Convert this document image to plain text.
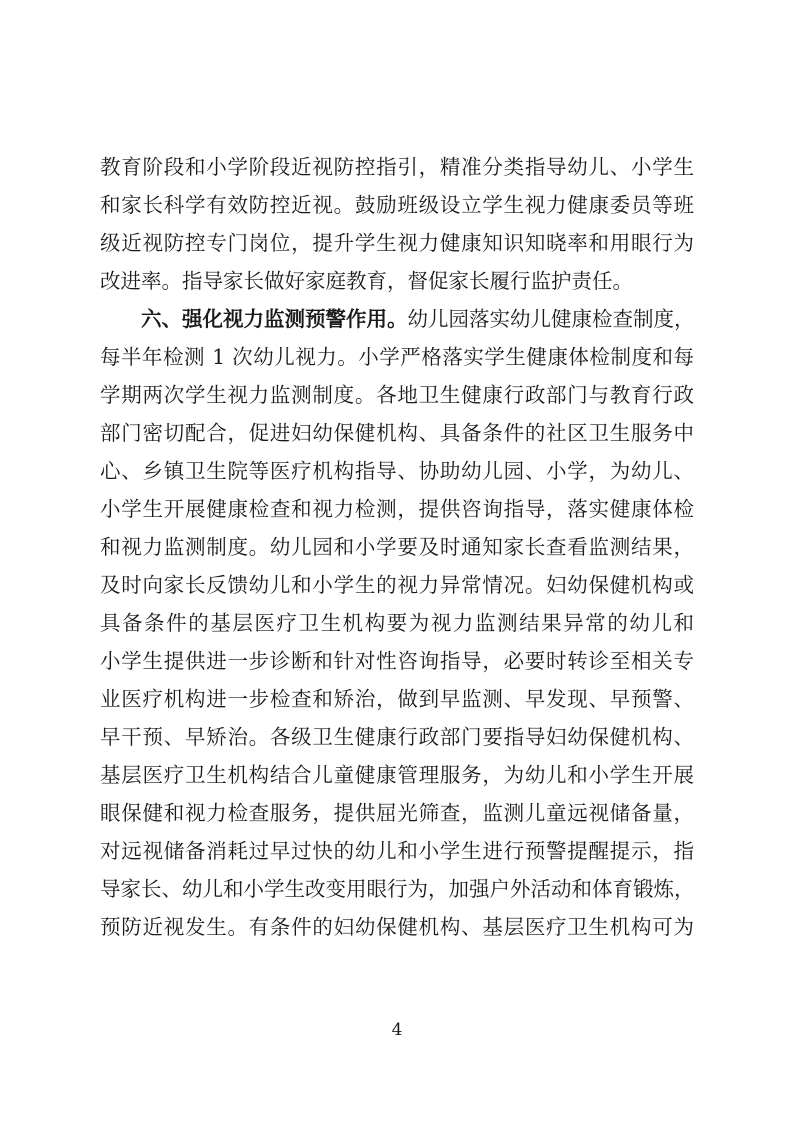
教育阶段和小学阶段近视防控指引，精准分类指导幼儿、小学生
和家长科学有效防控近视。鼓励班级设立学生视力健康委员等班
级近视防控专门岗位，提升学生视力健康知识知晓率和用眼行为
改进率。指导家长做好家庭教育，督促家长履行监护责任。
六、强化视力监测预警作用。幼儿园落实幼儿健康检查制度，
每半年检测 1 次幼儿视力。小学严格落实学生健康体检制度和每
学期两次学生视力监测制度。各地卫生健康行政部门与教育行政
部门密切配合，促进妇幼保健机构、具备条件的社区卫生服务中
心、乡镇卫生院等医疗机构指导、协助幼儿园、小学，为幼儿、
小学生开展健康检查和视力检测，提供咨询指导，落实健康体检
和视力监测制度。幼儿园和小学要及时通知家长查看监测结果，
及时向家长反馈幼儿和小学生的视力异常情况。妇幼保健机构或
具备条件的基层医疗卫生机构要为视力监测结果异常的幼儿和
小学生提供进一步诊断和针对性咨询指导，必要时转诊至相关专
业医疗机构进一步检查和矫治，做到早监测、早发现、早预警、
早干预、早矫治。各级卫生健康行政部门要指导妇幼保健机构、
基层医疗卫生机构结合儿童健康管理服务，为幼儿和小学生开展
眼保健和视力检查服务，提供屈光筛查，监测儿童远视储备量，
对远视储备消耗过早过快的幼儿和小学生进行预警提醒提示，指
导家长、幼儿和小学生改变用眼行为，加强户外活动和体育锻炼，
预防近视发生。有条件的妇幼保健机构、基层医疗卫生机构可为
4
